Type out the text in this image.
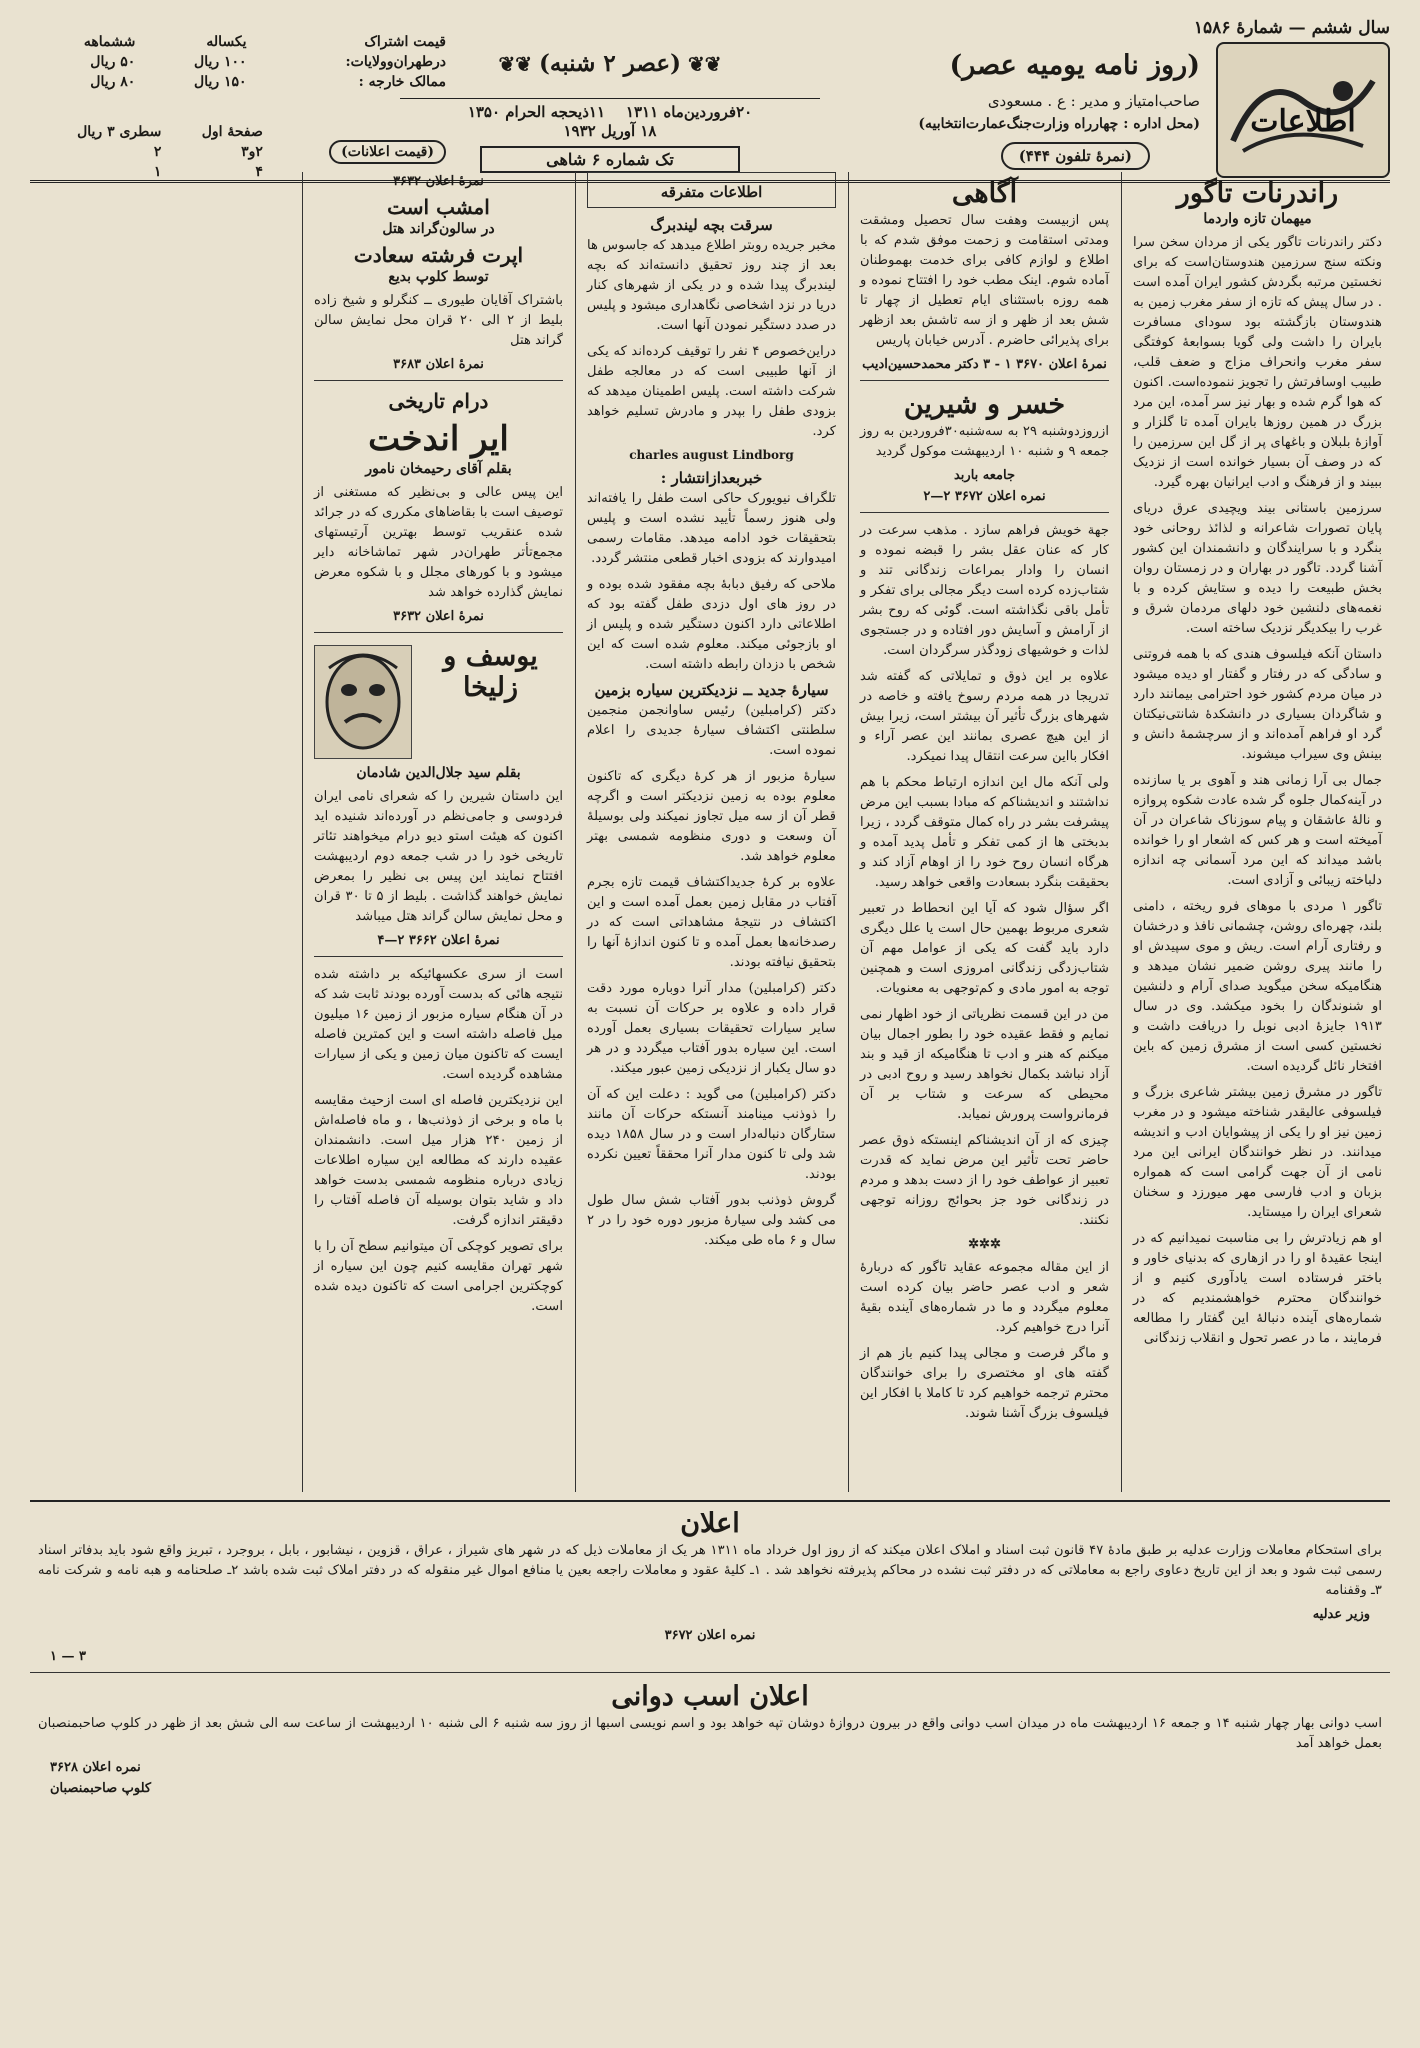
سال ششم — شمارهٔ ۱۵۸۶
اطلاعات
(روز نامه یومیه عصر)
صاحب‌امتیاز و مدیر : ع . مسعودی
(محل اداره : چهارراه وزارت‌جنگ‌عمارت‌انتخابیه)
(نمرهٔ تلفون ۴۴۴)
❦❦ (عصر ۲ شنبه) ❦❦
۲۰فروردین‌ماه ۱۳۱۱    ۱۱ذیحجه الحرام ۱۳۵۰
۱۸ آوریل ۱۹۳۲
تک شماره ۶ شاهی
قیمت اشتراک	یکساله	ششماهه
درطهران‌وولایات:	۱۰۰ ریال	۵۰ ریال
ممالک خارجه :	۱۵۰ ریال	۸۰ ریال
(قیمت اعلانات)	صفحهٔ اول	سطری ۳ ریال
	۲و۳	۲
	۴	۱
راندرنات تاگور
میهمان تازه واردما

دکتر راندرنات تاگور یکی از مردان سخن سرا ونکته سنج سرزمین هندوستان‌است که برای نخستین مرتبه بگردش کشور ایران آمده است . در سال پیش که تازه از سفر مغرب زمین به هندوستان بازگشته بود سودای مسافرت بایران را داشت ولی گویا بسوابعهٔ کوفتگی سفر مغرب وانحراف مزاج و ضعف قلب، طبیب اوسافرتش را تجویز ننموده‌است. اکنون که هوا گرم شده و بهار نیز سر آمده، این مرد بزرگ در همین روزها بایران آمده تا گلزار و آوازهٔ بلبلان و باغهای پر از گل این سرزمین را که در وصف آن بسیار خوانده است از نزدیک ببیند و از فرهنگ و ادب ایرانیان بهره گیرد.

سرزمین باستانی بیند ویچیدی عرق دریای پایان تصورات شاعرانه و لذائذ روحانی خود بنگرد و با سرایندگان و دانشمندان این کشور آشنا گردد. تاگور در بهاران و در زمستان روان بخش طبیعت را دیده و ستایش کرده و با نغمه‌های دلنشین خود دلهای مردمان شرق و غرب را بیکدیگر نزدیک ساخته است.

داستان آنکه فیلسوف هندی که با همه فروتنی و سادگی که در رفتار و گفتار او دیده میشود در میان مردم کشور خود احترامی بیمانند دارد و شاگردان بسیاری در دانشکدهٔ شانتی‌نیکتان گرد او فراهم آمده‌اند و از سرچشمهٔ دانش و بینش وی سیراب میشوند.

جمال بی آرا زمانی هند و آهوی بر یا سازنده در آینه‌کمال جلوه گر شده عادت شکوه پروازه و نالهٔ عاشقان و پیام سوزناک شاعران در آن آمیخته است و هر کس که اشعار او را خوانده باشد میداند که این مرد آسمانی چه اندازه دلباخته زیبائی و آزادی است.

تاگور ۱ مردی با موهای فرو ریخته ، دامنی بلند، چهره‌ای روشن، چشمانی نافذ و درخشان و رفتاری آرام است. ریش و موی سپیدش او را مانند پیری روشن ضمیر نشان میدهد و هنگامیکه سخن میگوید صدای آرام و دلنشین او شنوندگان را بخود میکشد. وی در سال ۱۹۱۳ جایزهٔ ادبی نوبل را دریافت داشت و نخستین کسی است از مشرق زمین که باین افتخار نائل گردیده است.

تاگور در مشرق زمین بیشتر شاعری بزرگ و فیلسوفی عالیقدر شناخته میشود و در مغرب زمین نیز او را یکی از پیشوایان ادب و اندیشه میدانند. در نظر خوانندگان ایرانی این مرد نامی از آن جهت گرامی است که همواره بزبان و ادب فارسی مهر میورزد و سخنان شعرای ایران را میستاید.

او هم زیادترش را بی مناسبت نمیدانیم که در اینجا عقیدهٔ او را در ازهاری که بدنیای خاور و باختر فرستاده است یادآوری کنیم و از خوانندگان محترم خواهشمندیم که در شماره‌های آینده دنبالهٔ این گفتار را مطالعه فرمایند ، ما در عصر تحول و انقلاب زندگانی

آگاهی

پس ازبیست وهفت سال تحصیل ومشقت ومدتی استقامت و زحمت موفق شدم که با اطلاع و لوازم کافی برای خدمت بهموطنان آماده شوم. اینک مطب خود را افتتاح نموده و همه روزه باستثنای ایام تعطیل از چهار تا شش بعد از ظهر و از سه تاشش بعد ازظهر برای پذیرائی حاضرم . آدرس خیابان پاریس

نمرهٔ اعلان ۳۶۷۰ ۱ - ۳ دکتر محمدحسین‌ادیب
خسر و شیرین

ازروزدوشنبه ۲۹ به سه‌شنبه۳۰فروردین به روز جمعه ۹ و شنبه ۱۰ اردیبهشت موکول گردید

جامعه باربد
نمره اعلان ۳۶۷۲ ۲—۲

جهة خویش فراهم سازد . مذهب سرعت در کار که عنان عقل بشر را قبضه نموده و انسان را وادار بمراعات زندگانی تند و شتاب‌زده کرده است دیگر مجالی برای تفکر و تأمل باقی نگذاشته است. گوئی که روح بشر از آرامش و آسایش دور افتاده و در جستجوی لذات و خوشیهای زودگذر سرگردان است.

علاوه بر این ذوق و تمایلاتی که گفته شد تدریجا در همه مردم رسوخ یافته و خاصه در شهرهای بزرگ تأثیر آن بیشتر است، زیرا بیش از این هیچ عصری بمانند این عصر آراء و افکار بااین سرعت انتقال پیدا نمیکرد.

ولی آنکه مال این اندازه ارتباط محکم با هم نداشتند و اندیشناکم که مبادا بسبب این مرض پیشرفت بشر در راه کمال متوقف گردد ، زیرا بدبختی ها از کمی تفکر و تأمل پدید آمده و هرگاه انسان روح خود را از اوهام آزاد کند و بحقیقت بنگرد بسعادت واقعی خواهد رسید.

اگر سؤال شود که آیا این انحطاط در تعبیر شعری مربوط بهمین حال است یا علل دیگری دارد باید گفت که یکی از عوامل مهم آن شتاب‌زدگی زندگانی امروزی است و همچنین توجه به امور مادی و کم‌توجهی به معنویات.

من در این قسمت نظریاتی از خود اظهار نمی نمایم و فقط عقیده خود را بطور اجمال بیان میکنم که هنر و ادب تا هنگامیکه از قید و بند آزاد نباشد بکمال نخواهد رسید و روح ادبی در محیطی که سرعت و شتاب بر آن فرمانرواست پرورش نمیابد.

چیزی که از آن اندیشناکم اینستکه ذوق عصر حاضر تحت تأثیر این مرض نماید که قدرت تعبیر از عواطف خود را از دست بدهد و مردم در زندگانی خود جز بحوائج روزانه توجهی نکنند.

✲✲✲

از این مقاله مجموعه عقاید تاگور که دربارهٔ شعر و ادب عصر حاضر بیان کرده است معلوم میگردد و ما در شماره‌های آینده بقیهٔ آنرا درج خواهیم کرد.

و ماگر فرصت و مجالی پیدا کنیم باز هم از گفته های او مختصری را برای خوانندگان محترم ترجمه خواهیم کرد تا کاملا با افکار این فیلسوف بزرگ آشنا شوند.

اطلاعات متفرقه
سرقت بچه لیندبرگ

مخبر جریده روبتر اطلاع میدهد که جاسوس ها بعد از چند روز تحقیق دانسته‌اند که بچه لیندبرگ پیدا شده و در یکی از شهرهای کنار دریا در نزد اشخاصی نگاهداری میشود و پلیس در صدد دستگیر نمودن آنها است.

دراین‌خصوص ۴ نفر را توقیف کرده‌اند که یکی از آنها طبیبی است که در معالجه طفل شرکت داشته است. پلیس اطمینان میدهد که بزودی طفل را بپدر و مادرش تسلیم خواهد کرد.

charles august Lindborg
خبربعدازانتشار :

تلگراف نیویورک حاکی است طفل را یافته‌اند ولی هنوز رسماً تأیید نشده است و پلیس بتحقیقات خود ادامه میدهد. مقامات رسمی امیدوارند که بزودی اخبار قطعی منتشر گردد.

ملاحی که رفیق دبابهٔ بچه مفقود شده بوده و در روز های اول دزدی طفل گفته بود که اطلاعاتی دارد اکنون دستگیر شده و پلیس از او بازجوئی میکند. معلوم شده است که این شخص با دزدان رابطه داشته است.

سیارهٔ جدید ــ نزدیکترین سیاره بزمین

دکتر (کرامبلین) رئیس ساوانجمن منجمین سلطنتی اکتشاف سیارهٔ جدیدی را اعلام نموده است.

سیارهٔ مزبور از هر کرهٔ دیگری که تاکنون معلوم بوده به زمین نزدیکتر است و اگرچه قطر آن از سه میل تجاوز نمیکند ولی بوسیلهٔ آن وسعت و دوری منظومه شمسی بهتر معلوم خواهد شد.

علاوه بر کرهٔ جدیداکتشاف قیمت تازه بجرم آفتاب در مقابل زمین بعمل آمده است و این اکتشاف در نتیجهٔ مشاهداتی است که در رصدخانه‌ها بعمل آمده و تا کنون اندازهٔ آنها را بتحقیق نیافته بودند.

دکتر (کرامبلین) مدار آنرا دوباره مورد دقت قرار داده و علاوه بر حرکات آن نسبت به سایر سیارات تحقیقات بسیاری بعمل آورده است. این سیاره بدور آفتاب میگردد و در هر دو سال یکبار از نزدیکی زمین عبور میکند.

دکتر (کرامبلین) می گوید : دعلت این که آن را ذوذنب مینامند آنستکه حرکات آن مانند ستارگان دنباله‌دار است و در سال ۱۸۵۸ دیده شد ولی تا کنون مدار آنرا محققاً تعیین نکرده بودند.

گروش ذوذنب بدور آفتاب شش سال طول می کشد ولی سیارهٔ مزبور دوره خود را در ۲ سال و ۶ ماه طی میکند.

نمرهٔ اعلان ۳۶۳۲
امشب است
در سالون‌گراند هتل
اپرت فرشته سعادت
توسط کلوپ بدیع

باشتراک آقایان طیوری ــ کنگرلو و شیخ زاده بلیط از ۲ الی ۲۰ قران محل نمایش سالن گراند هتل

نمرهٔ اعلان ۳۶۸۳
درام تاریخی
ایر اندخت
بقلم آقای رحیمخان نامور

این پیس عالی و بی‌نظیر که مستغنی از توصیف است با بقاضاهای مکرری که در جرائد شده عنقریب توسط بهترین آرتیستهای مجمع‌تأتر طهران‌در شهر تماشاخانه دایر میشود و با کورهای مجلل و با شکوه معرض نمایش گذارده خواهد شد

نمرهٔ اعلان ۳۶۳۲
یوسف و زلیخا
بقلم سید جلال‌الدین شادمان

این داستان شیرین را که شعرای نامی ایران فردوسی و جامی‌نظم در آورده‌اند شنیده اید اکنون که هیئت استو دیو درام میخواهند تئاتر تاریخی خود را در شب جمعه دوم اردیبهشت افتتاح نمایند این پیس بی نظیر را بمعرض نمایش خواهند گذاشت . بلیط از ۵ تا ۳۰ قران و محل نمایش سالن گراند هتل میباشد

نمرهٔ اعلان ۳۶۶۲ ۲—۴

است از سری عکسهائیکه بر داشته شده نتیجه هائی که بدست آورده بودند ثابت شد که در آن هنگام سیاره مزبور از زمین ۱۶ میلیون میل فاصله داشته است و این کمترین فاصله ایست که تاکنون میان زمین و یکی از سیارات مشاهده گردیده است.

این نزدیکترین فاصله ای است ازحیث مقایسه با ماه و برخی از ذوذنب‌ها ، و ماه فاصله‌اش از زمین ۲۴۰ هزار میل است. دانشمندان عقیده دارند که مطالعه این سیاره اطلاعات زیادی درباره منظومه شمسی بدست خواهد داد و شاید بتوان بوسیله آن فاصله آفتاب را دقیقتر اندازه گرفت.

برای تصویر کوچکی آن میتوانیم سطح آن را با شهر تهران مقایسه کنیم چون این سیاره از کوچکترین اجرامی است که تاکنون دیده شده است.

اعلان

برای استحکام معاملات وزارت عدلیه بر طبق مادهٔ ۴۷ قانون ثبت اسناد و املاک اعلان میکند که از روز اول خرداد ماه ۱۳۱۱ هر یک از معاملات ذیل که در شهر های شیراز ، عراق ، قزوین ، نیشابور ، بابل ، بروجرد ، تبریز واقع شود باید بدفاتر اسناد رسمی ثبت شود و بعد از این تاریخ دعاوی راجع به معاملاتی که در دفتر ثبت نشده در محاکم پذیرفته نخواهد شد . ۱ـ کلیهٔ عقود و معاملات راجعه بعین یا منافع اموال غیر منقوله که در دفتر املاک ثبت شده باشد ۲ـ صلحنامه و هبه نامه و شرکت نامه ۳ـ وقفنامه

وزیر عدلیه
نمره اعلان ۳۶۷۲
۳ — ۱
اعلان اسب دوانی

اسب دوانی بهار چهار شنبه ۱۴ و جمعه ۱۶ اردیبهشت ماه در میدان اسب دوانی واقع در بیرون دروازهٔ دوشان تپه خواهد بود و اسم نویسی اسبها از روز سه شنبه ۶ الی شنبه ۱۰ اردیبهشت از ساعت سه الی شش بعد از ظهر در کلوپ صاحبمنصبان بعمل خواهد آمد

نمره اعلان ۳۶۲۸
کلوپ صاحبمنصبان
